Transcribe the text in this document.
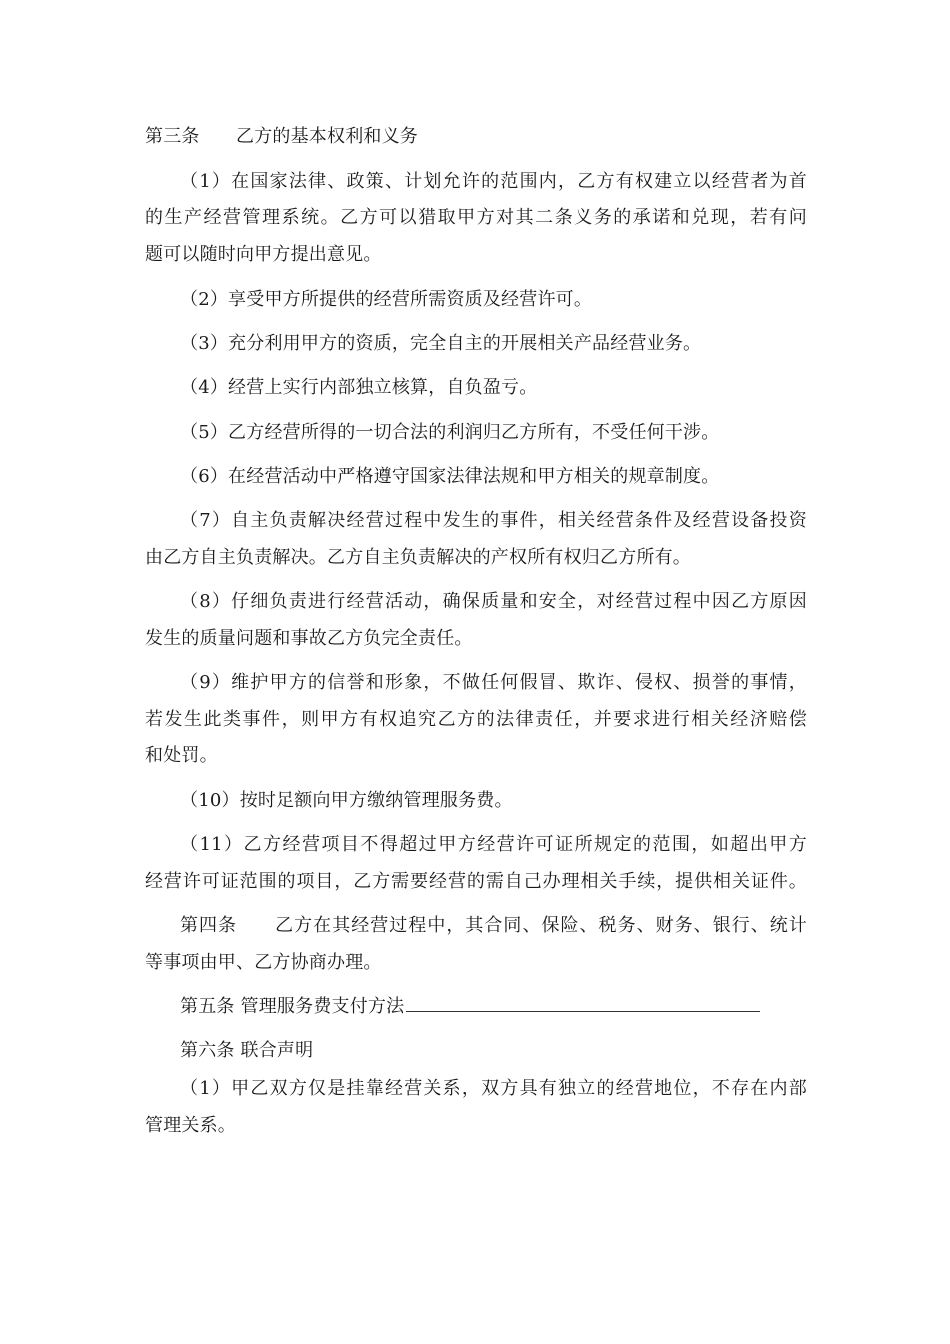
第三条　　乙方的基本权利和义务
（1）在国家法律、政策、计划允许的范围内，乙方有权建立以经营者为首
的生产经营管理系统。乙方可以猎取甲方对其二条义务的承诺和兑现，若有问
题可以随时向甲方提出意见。
（2）享受甲方所提供的经营所需资质及经营许可。
（3）充分利用甲方的资质，完全自主的开展相关产品经营业务。
（4）经营上实行内部独立核算，自负盈亏。
（5）乙方经营所得的一切合法的利润归乙方所有，不受任何干涉。
（6）在经营活动中严格遵守国家法律法规和甲方相关的规章制度。
（7）自主负责解决经营过程中发生的事件，相关经营条件及经营设备投资
由乙方自主负责解决。乙方自主负责解决的产权所有权归乙方所有。
（8）仔细负责进行经营活动，确保质量和安全，对经营过程中因乙方原因
发生的质量问题和事故乙方负完全责任。
（9）维护甲方的信誉和形象，不做任何假冒、欺诈、侵权、损誉的事情，
若发生此类事件，则甲方有权追究乙方的法律责任，并要求进行相关经济赔偿
和处罚。
（10）按时足额向甲方缴纳管理服务费。
（11）乙方经营项目不得超过甲方经营许可证所规定的范围，如超出甲方
经营许可证范围的项目，乙方需要经营的需自己办理相关手续，提供相关证件。
第四条　　乙方在其经营过程中，其合同、保险、税务、财务、银行、统计
等事项由甲、乙方协商办理。
第五条 管理服务费支付方法
第六条 联合声明
（1）甲乙双方仅是挂靠经营关系，双方具有独立的经营地位，不存在内部
管理关系。
